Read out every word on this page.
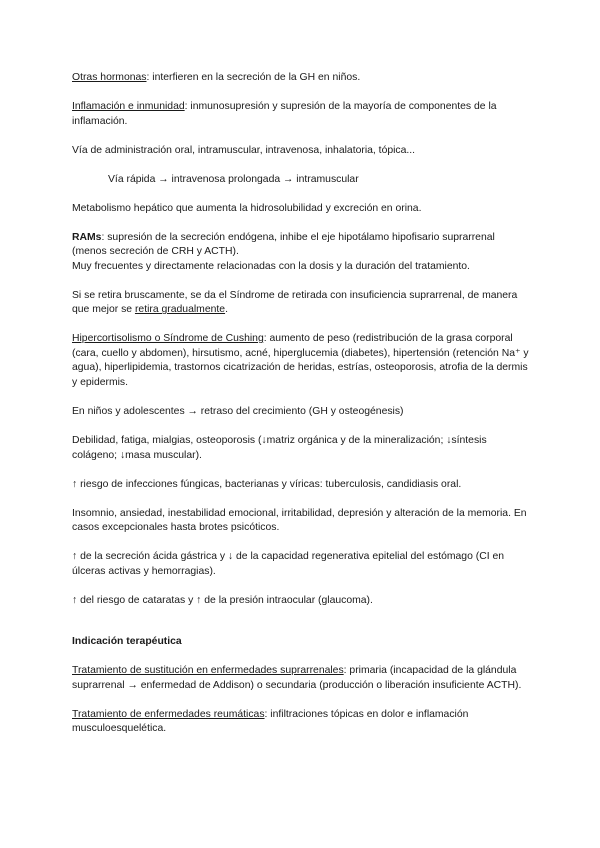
Otras hormonas: interfieren en la secreción de la GH en niños.

Inflamación e inmunidad: inmunosupresión y supresión de la mayoría de componentes de la inflamación.

Vía de administración oral, intramuscular, intravenosa, inhalatoria, tópica...

Vía rápida → intravenosa prolongada → intramuscular

Metabolismo hepático que aumenta la hidrosolubilidad y excreción en orina.

RAMs: supresión de la secreción endógena, inhibe el eje hipotálamo hipofisario suprarrenal (menos secreción de CRH y ACTH).
Muy frecuentes y directamente relacionadas con la dosis y la duración del tratamiento.

Si se retira bruscamente, se da el Síndrome de retirada con insuficiencia suprarrenal, de manera que mejor se retira gradualmente.

Hipercortisolismo o Síndrome de Cushing: aumento de peso (redistribución de la grasa corporal (cara, cuello y abdomen), hirsutismo, acné, hiperglucemia (diabetes), hipertensión (retención Na⁺ y agua), hiperlipidemia, trastornos cicatrización de heridas, estrías, osteoporosis, atrofia de la dermis y epidermis.

En niños y adolescentes → retraso del crecimiento (GH y osteogénesis)

Debilidad, fatiga, mialgias, osteoporosis (↓matriz orgánica y de la mineralización; ↓síntesis colágeno; ↓masa muscular).

↑ riesgo de infecciones fúngicas, bacterianas y víricas: tuberculosis, candidiasis oral.

Insomnio, ansiedad, inestabilidad emocional, irritabilidad, depresión y alteración de la memoria. En casos excepcionales hasta brotes psicóticos.

↑ de la secreción ácida gástrica y ↓ de la capacidad regenerativa epitelial del estómago (CI en úlceras activas y hemorragias).

↑ del riesgo de cataratas y ↑ de la presión intraocular (glaucoma).

Indicación terapéutica

Tratamiento de sustitución en enfermedades suprarrenales: primaria (incapacidad de la glándula suprarrenal → enfermedad de Addison) o secundaria (producción o liberación insuficiente ACTH).

Tratamiento de enfermedades reumáticas: infiltraciones tópicas en dolor e inflamación musculoesquelética.
